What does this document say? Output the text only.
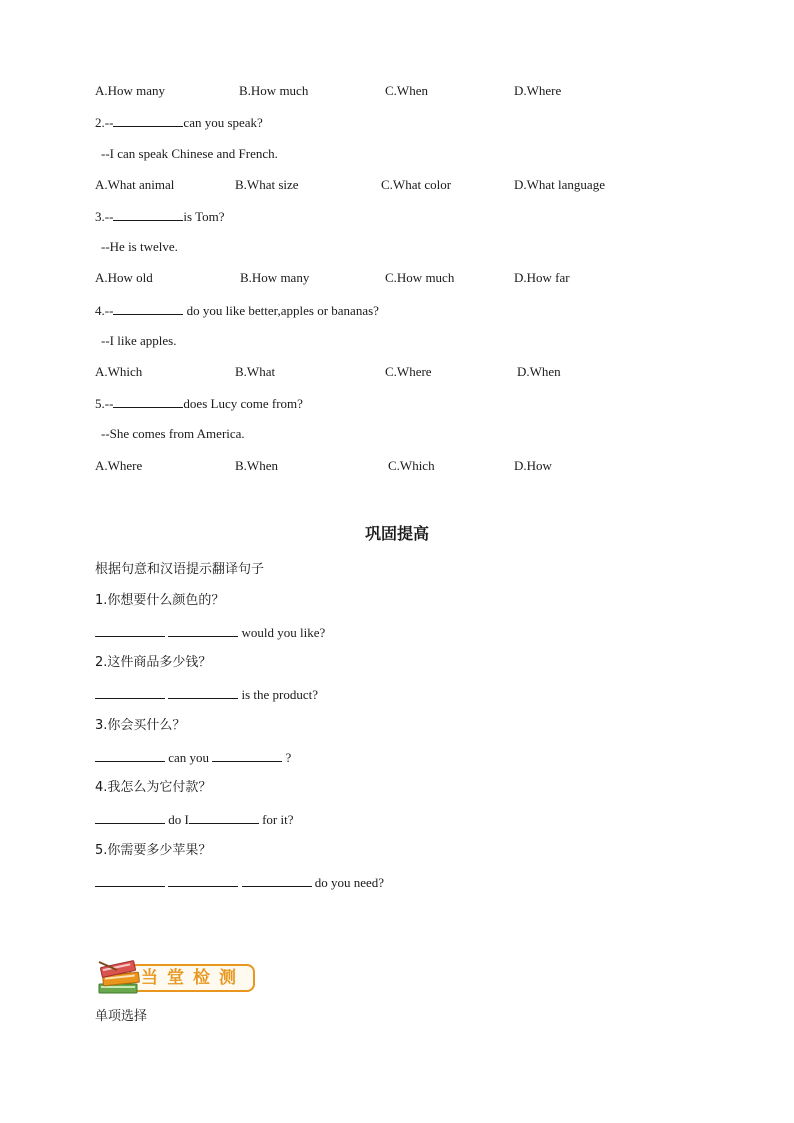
A.How many	B.How much	C.When	D.Where
2.--	can you speak?
--I can speak Chinese and French.
A.What animal	B.What size	C.What color	D.What language
3.--	is Tom?
--He is twelve.
A.How old	B.How many	C.How much	D.How far
4.--	do you like better,apples or bananas?
--I like apples.
A.Which	B.What	C.Where	D.When
5.--	does Lucy come from?
--She comes from America.
A.Where	B.When	C.Which	D.How
巩固提高
根据句意和汉语提示翻译句子
1.你想要什么颜色的？
would you like?
2.这件商品多少钱？
is the product?
3.你会买什么？
can you	?
4.我怎么为它付款？
do I	for it?
5.你需要多少苹果？
do you need?
当堂检测
单项选择
